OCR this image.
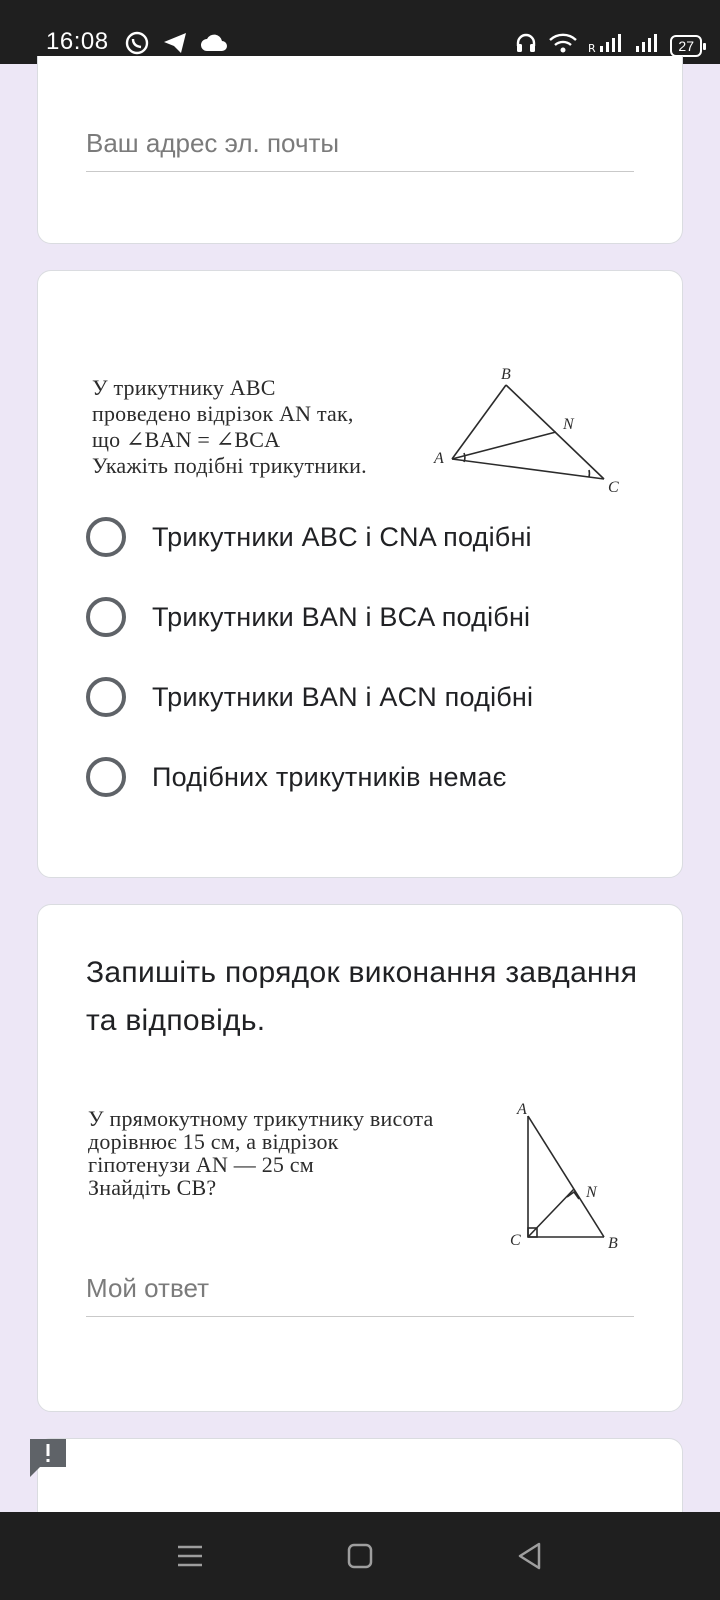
16:08	R	27
Ваш адрес эл. почты
У трикутнику ABC
проведено відрізок AN так,
що ∠BAN = ∠BCA
Укажіть подібні трикутники.	A
B
C
N
Трикутники ABC і CNA подібні
Трикутники BAN і BCA подібні
Трикутники BAN і ACN подібні
Подібних трикутників немає
Запишіть порядок виконання завдання та відповідь.
У прямокутному трикутнику висота
дорівнює 15 см, а відрізок
гіпотенузи AN — 25 см
Знайдіть CB?
A
B
C
N
Мой ответ
